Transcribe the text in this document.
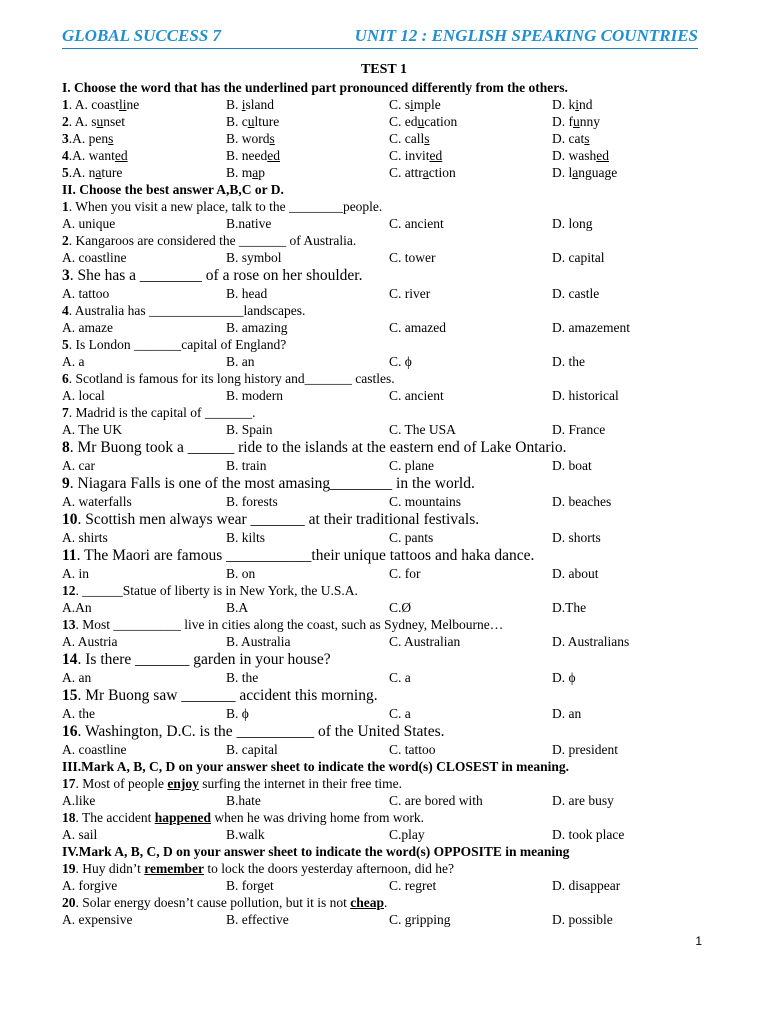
GLOBAL SUCCESS 7	UNIT 12 : ENGLISH SPEAKING COUNTRIES
TEST 1
I. Choose the word that has the underlined part pronounced differently from the others.
1. A. coastline	B. island	C. simple	D. kind
2. A. sunset	B. culture	C. education	D. funny
3.A. pens	B. words	C. calls	D. cats
4.A. wanted	B. needed	C. invited	D. washed
5.A. nature	B. map	C. attraction	D. language
II. Choose the best answer A,B,C or D.
1. When you visit a new place, talk to the ________people.
A. unique	B.native	C. ancient	D. long
2. Kangaroos are considered the _______ of Australia.
A. coastline	B. symbol	C. tower	D. capital
3. She has a ________ of a rose on her shoulder.
A. tattoo	B. head	C. river	D. castle
4. Australia has ______________landscapes.
A. amaze	B. amazing	C. amazed	D. amazement
5. Is London _______capital of England?
A. a	B. an	C. ϕ	D. the
6. Scotland is famous for its long history and_______ castles.
A. local	B. modern	C. ancient	D. historical
7. Madrid is the capital of _______.
A. The UK	B. Spain	C. The USA	D. France
8. Mr Buong took a ______ ride to the islands at the eastern end of Lake Ontario.
A. car	B. train	C. plane	D. boat
9. Niagara Falls is one of the most amasing________ in the world.
A. waterfalls	B. forests	C. mountains	D. beaches
10. Scottish men always wear _______ at their traditional festivals.
A. shirts	B. kilts	C. pants	D. shorts
11. The Maori are famous ___________their unique tattoos and haka dance.
A. in	B. on	C. for	D. about
12. ______Statue of liberty is in New York, the U.S.A.
A.An	B.A	C.Ø	D.The
13. Most __________ live in cities along the coast, such as Sydney, Melbourne…
A. Austria	B. Australia	C. Australian	D. Australians
14. Is there _______ garden in your house?
A. an	B. the	C. a	D. ϕ
15. Mr Buong saw _______ accident this morning.
A. the	B. ϕ	C. a	D. an
16. Washington, D.C. is the __________ of the United States.
A. coastline	B. capital	C. tattoo	D. president
III.Mark A, B, C, D on your answer sheet to indicate the word(s) CLOSEST in meaning.
17. Most of people enjoy surfing the internet in their free time.
A.like	B.hate	C. are bored with	D. are busy
18. The accident happened when he was driving home from work.
A. sail	B.walk	C.play	D. took place
IV.Mark A, B, C, D on your answer sheet to indicate the word(s) OPPOSITE in meaning
19. Huy didn’t remember to lock the doors yesterday afternoon, did he?
A. forgive	B. forget	C. regret	D. disappear
20. Solar energy doesn’t cause pollution, but it is not cheap.
A. expensive	B. effective	C. gripping	D. possible
1
